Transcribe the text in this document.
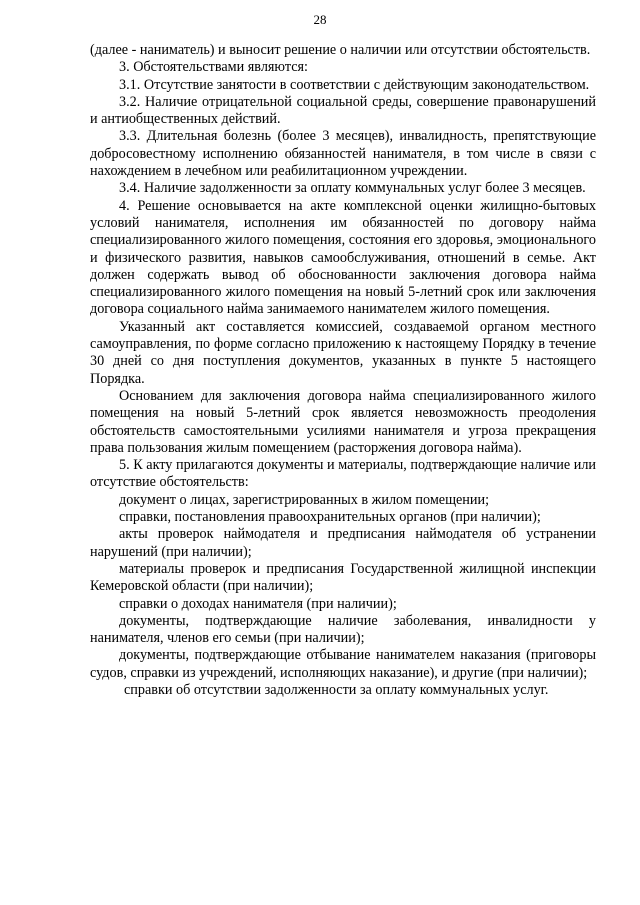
28

(далее - наниматель) и выносит решение о наличии или отсутствии обстоятельств.

3. Обстоятельствами являются:

3.1. Отсутствие занятости в соответствии с действующим законодательством.

3.2. Наличие отрицательной социальной среды, совершение правонарушений и антиобщественных действий.

3.3. Длительная болезнь (более 3 месяцев), инвалидность, препятствующие добросовестному исполнению обязанностей нанимателя, в том числе в связи с нахождением в лечебном или реабилитационном учреждении.

3.4. Наличие задолженности за оплату коммунальных услуг более 3 месяцев.

4. Решение основывается на акте комплексной оценки жилищно-бытовых условий нанимателя, исполнения им обязанностей по договору найма специализированного жилого помещения, состояния его здоровья, эмоционального и физического развития, навыков самообслуживания, отношений в семье. Акт должен содержать вывод об обоснованности заключения договора найма специализированного жилого помещения на новый 5-летний срок или заключения договора социального найма занимаемого нанимателем жилого помещения.

Указанный акт составляется комиссией, создаваемой органом местного самоуправления, по форме согласно приложению к настоящему Порядку в течение 30 дней со дня поступления документов, указанных в пункте 5 настоящего Порядка.

Основанием для заключения договора найма специализированного жилого помещения на новый 5-летний срок является невозможность преодоления обстоятельств самостоятельными усилиями нанимателя и угроза прекращения права пользования жилым помещением (расторжения договора найма).

5. К акту прилагаются документы и материалы, подтверждающие наличие или отсутствие обстоятельств:

документ о лицах, зарегистрированных в жилом помещении;

справки, постановления правоохранительных органов (при наличии);

акты проверок наймодателя и предписания наймодателя об устранении нарушений (при наличии);

материалы проверок и предписания Государственной жилищной инспекции Кемеровской области (при наличии);

справки о доходах нанимателя (при наличии);

документы, подтверждающие наличие заболевания, инвалидности у нанимателя, членов его семьи (при наличии);

документы, подтверждающие отбывание нанимателем наказания (приговоры судов, справки из учреждений, исполняющих наказание), и другие (при наличии);

справки об отсутствии задолженности за оплату коммунальных услуг.
